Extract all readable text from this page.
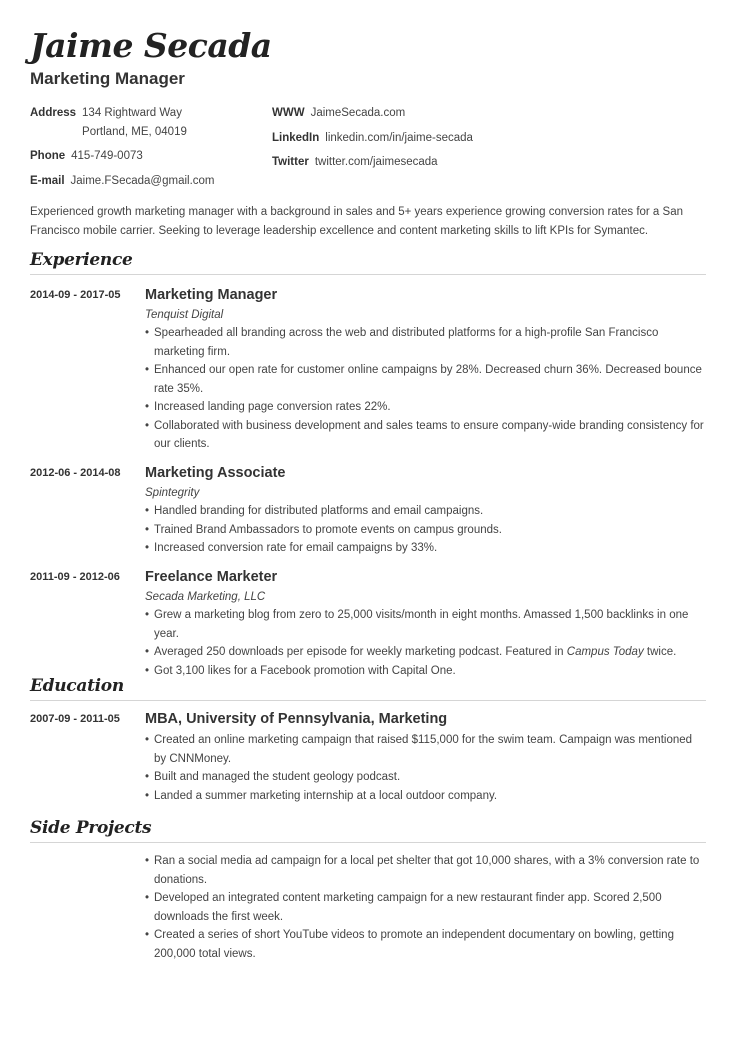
Jaime Secada
Marketing Manager
Address 134 Rightward Way
Portland, ME, 04019
Phone 415-749-0073
E-mail Jaime.FSecada@gmail.com
WWW JaimeSecada.com
LinkedIn linkedin.com/in/jaime-secada
Twitter twitter.com/jaimesecada

Experienced growth marketing manager with a background in sales and 5+ years experience growing conversion rates for a San Francisco mobile carrier. Seeking to leverage leadership excellence and content marketing skills to lift KPIs for Symantec.

Experience
2014-09 - 2017-05 Marketing Manager
Tenquist Digital
• Spearheaded all branding across the web and distributed platforms for a high-profile San Francisco marketing firm.
• Enhanced our open rate for customer online campaigns by 28%. Decreased churn 36%. Decreased bounce rate 35%.
• Increased landing page conversion rates 22%.
• Collaborated with business development and sales teams to ensure company-wide branding consistency for our clients.
2012-06 - 2014-08 Marketing Associate
Spintegrity
• Handled branding for distributed platforms and email campaigns.
• Trained Brand Ambassadors to promote events on campus grounds.
• Increased conversion rate for email campaigns by 33%.
2011-09 - 2012-06 Freelance Marketer
Secada Marketing, LLC
• Grew a marketing blog from zero to 25,000 visits/month in eight months. Amassed 1,500 backlinks in one year.
• Averaged 250 downloads per episode for weekly marketing podcast. Featured in Campus Today twice.
• Got 3,100 likes for a Facebook promotion with Capital One.
Education
2007-09 - 2011-05 MBA, University of Pennsylvania, Marketing
• Created an online marketing campaign that raised $115,000 for the swim team. Campaign was mentioned by CNNMoney.
• Built and managed the student geology podcast.
• Landed a summer marketing internship at a local outdoor company.
Side Projects
• Ran a social media ad campaign for a local pet shelter that got 10,000 shares, with a 3% conversion rate to donations.
• Developed an integrated content marketing campaign for a new restaurant finder app. Scored 2,500 downloads the first week.
• Created a series of short YouTube videos to promote an independent documentary on bowling, getting 200,000 total views.
